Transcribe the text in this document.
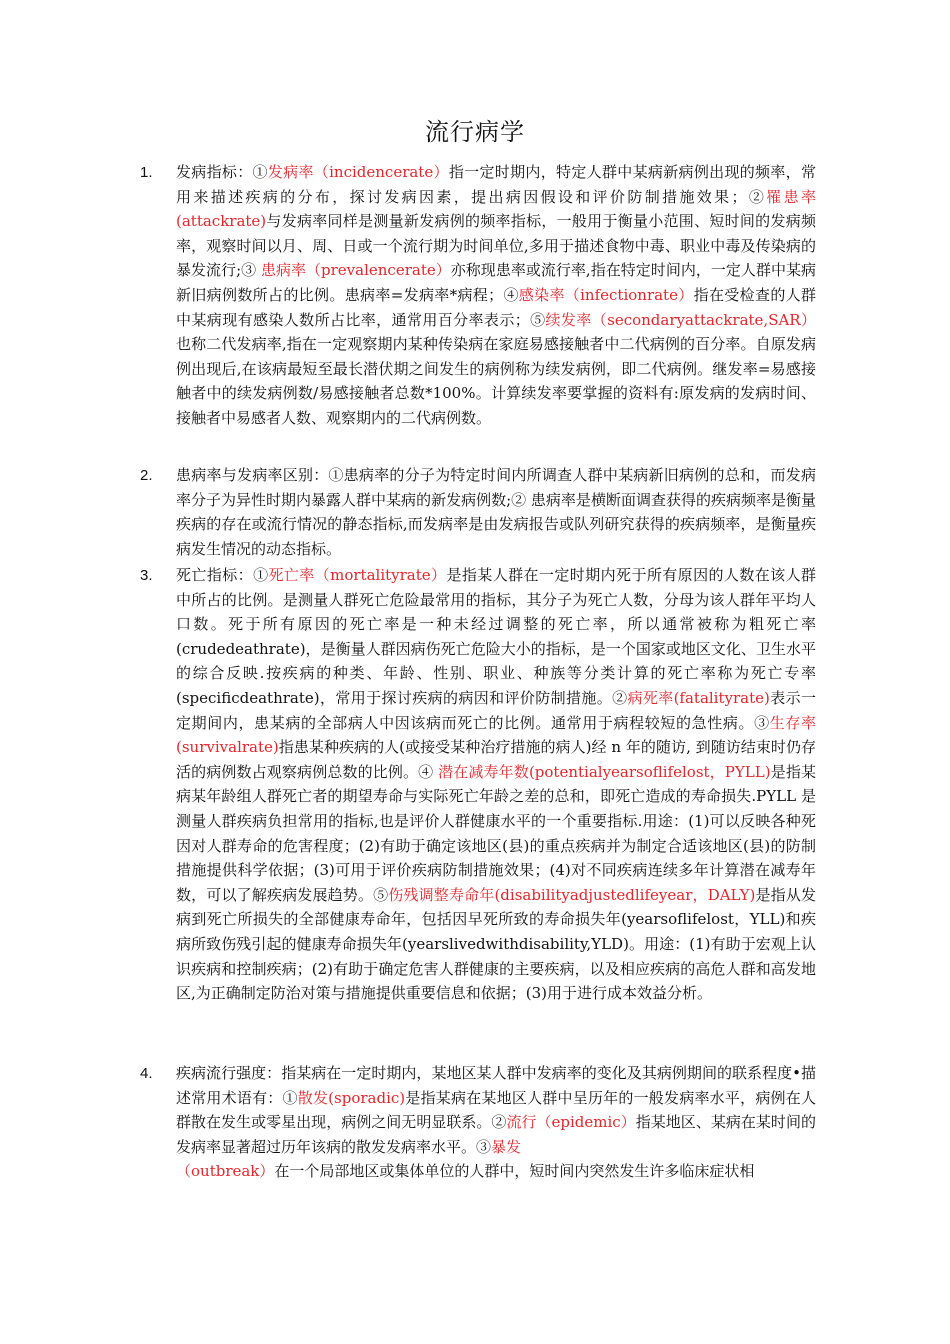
流行病学
1. 发病指标：①发病率（incidencerate）指一定时期内，特定人群中某病新病例出现的频率，常用来描述疾病的分布，探讨发病因素，提出病因假设和评价防制措施效果；②罹患率(attackrate)与发病率同样是测量新发病例的频率指标，一般用于衡量小范围、短时间的发病频率，观察时间以月、周、日或一个流行期为时间单位,多用于描述食物中毒、职业中毒及传染病的暴发流行;③ 患病率（prevalencerate）亦称现患率或流行率,指在特定时间内，一定人群中某病新旧病例数所占的比例。患病率=发病率*病程；④感染率（infectionrate）指在受检查的人群中某病现有感染人数所占比率，通常用百分率表示；⑤续发率（secondaryattackrate,SAR）也称二代发病率,指在一定观察期内某种传染病在家庭易感接触者中二代病例的百分率。自原发病例出现后,在该病最短至最长潜伏期之间发生的病例称为续发病例，即二代病例。继发率=易感接触者中的续发病例数/易感接触者总数*100%。计算续发率要掌握的资料有:原发病的发病时间、接触者中易感者人数、观察期内的二代病例数。
2. 患病率与发病率区别：①患病率的分子为特定时间内所调查人群中某病新旧病例的总和，而发病率分子为异性时期内暴露人群中某病的新发病例数;② 患病率是横断面调查获得的疾病频率是衡量疾病的存在或流行情况的静态指标,而发病率是由发病报告或队列研究获得的疾病频率，是衡量疾病发生情况的动态指标。
3. 死亡指标：①死亡率（mortalityrate）是指某人群在一定时期内死于所有原因的人数在该人群中所占的比例。是测量人群死亡危险最常用的指标，其分子为死亡人数，分母为该人群年平均人口数。死于所有原因的死亡率是一种未经过调整的死亡率，所以通常被称为粗死亡率(crudedeathrate)，是衡量人群因病伤死亡危险大小的指标，是一个国家或地区文化、卫生水平的综合反映.按疾病的种类、年龄、性别、职业、种族等分类计算的死亡率称为死亡专率(specificdeathrate)，常用于探讨疾病的病因和评价防制措施。②病死率(fatalityrate)表示一定期间内，患某病的全部病人中因该病而死亡的比例。通常用于病程较短的急性病。③生存率(survivalrate)指患某种疾病的人(或接受某种治疗措施的病人)经 n 年的随访, 到随访结束时仍存活的病例数占观察病例总数的比例。④ 潜在减寿年数(potentialyearsoflifelost，PYLL)是指某病某年龄组人群死亡者的期望寿命与实际死亡年龄之差的总和，即死亡造成的寿命损失.PYLL 是测量人群疾病负担常用的指标,也是评价人群健康水平的一个重要指标.用途：(1)可以反映各种死因对人群寿命的危害程度；(2)有助于确定该地区(县)的重点疾病并为制定合适该地区(县)的防制措施提供科学依据；(3)可用于评价疾病防制措施效果；(4)对不同疾病连续多年计算潜在减寿年数，可以了解疾病发展趋势。⑤伤残调整寿命年(disabilityadjustedlifeyear，DALY)是指从发病到死亡所损失的全部健康寿命年，包括因早死所致的寿命损失年(yearsoflifelost，YLL)和疾病所致伤残引起的健康寿命损失年(yearslivedwithdisability,YLD)。用途：(1)有助于宏观上认识疾病和控制疾病；(2)有助于确定危害人群健康的主要疾病，以及相应疾病的高危人群和高发地区,为正确制定防治对策与措施提供重要信息和依据；(3)用于进行成本效益分析。
4. 疾病流行强度：指某病在一定时期内，某地区某人群中发病率的变化及其病例期间的联系程度•描述常用术语有：①散发(sporadic)是指某病在某地区人群中呈历年的一般发病率水平，病例在人群散在发生或零星出现，病例之间无明显联系。②流行（epidemic）指某地区、某病在某时间的发病率显著超过历年该病的散发发病率水平。③暴发
（outbreak）在一个局部地区或集体单位的人群中，短时间内突然发生许多临床症状相
